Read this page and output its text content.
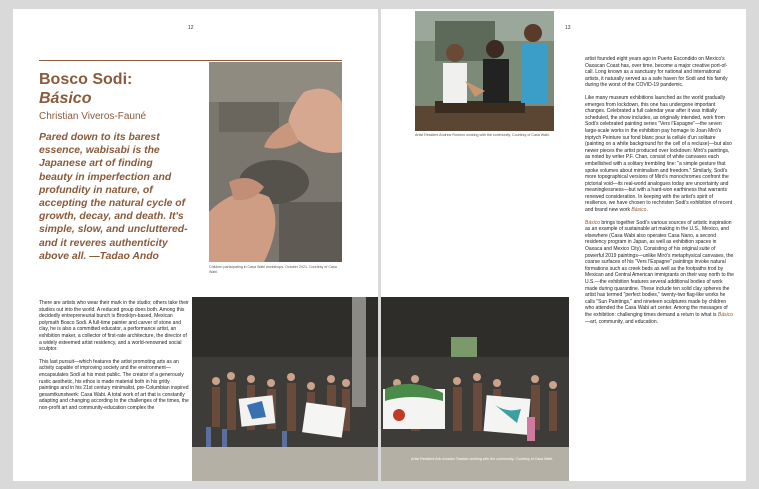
12
Bosco Sodi:
Básico
Christian Viveros-Fauné
Pared down to its barest essence, wabisabi is the Japanese art of finding beauty in imperfection and profundity in nature, of accepting the natural cycle of growth, decay, and death. It's simple, slow, and uncluttered-and it reveres authenticity above all. —Tadao Ando
Children participating in Casa Wabi workshops, October 2021. Courtesy of Casa Wabi.

There are artists who wear their mark in the studio; others take their studios out into the world. A reduced group does both. Among this decidedly entrepreneurial bunch is Brooklyn-based, Mexican polymath Bosco Sodi. A full-time painter and carver of stone and clay, he is also a committed educator, a performance artist, an exhibition maker, a collector of first-rate architecture, the director of a widely esteemed artist residency, and a world-renowned social sculptor.

This last pursuit—which features the artist promoting arts as an activity capable of improving society and the environment—encapsulates Sodi at his most public. The creator of a generously rustic aesthetic, his ethos is made material both in his gritty paintings and in his 21st century minimalist, pre-Columbian inspired gesamtkunstwerk: Casa Wabi. A total work of art that is constantly adapting and changing according to the challenges of the times, the non-profit art and community-education complex the

13
Artist Resident Andrew Romero working with the community. Courtesy of Casa Wabi.

artist founded eight years ago in Puerto Escondido on Mexico's Oaxacan Coast has, over time, become a major creative port-of-call. Long known as a sanctuary for national and international artists, it naturally served as a safe haven for Sodi and his family during the worst of the COVID-19 pandemic.

Like many museum exhibitions launched as the world gradually emerges from lockdown, this one has undergone important changes. Celebrated a full calendar year after it was initially scheduled, the show includes, as originally intended, work from Sodi's celebrated painting series "Vers l'Espagne"—the seven large-scale works in the exhibition pay homage to Joan Miró's triptych Peinture sur fond blanc pour la cellule d'un solitaire (painting on a white background for the cell of a recluse)—but also newer pieces the artist produced over lockdown: Miró's paintings, as noted by writer P.F. Chan, consist of white canvases each embellished with a solitary trembling line: "a simple gesture that spoke volumes about minimalism and freedom." Similarly, Sodi's more topographical versions of Miró's monochromes confront the pictorial void—its real-world analogues today are uncertainty and meaninglessness—but with a hard-won earthiness that warrants renewed consideration. In keeping with the artist's spirit of resilience, we have chosen to rechristen Sodi's exhibition of recent and brand new work Básico.

Básico brings together Sodi's various sources of artistic inspiration as an example of sustainable art making in the U.S., Mexico, and elsewhere (Casa Wabi also operates Casa Nano, a second residency program in Japan, as well as exhibition spaces in Oaxaca and Mexico City). Consisting of his original suite of powerful 2019 paintings—unlike Miró's metaphysical canvases, the coarse surfaces of his "Vers l'Espagne" paintings invoke natural formations such as creek beds as well as the footpaths trod by Mexican and Central American immigrants on their way north to the U.S.—the exhibition features several additional bodies of work made during quarantine. These include ten solid clay spheres the artist has termed "perfect bodies," twenty-two flag-like works he calls "Sun Paintings," and nineteen sculptures made by children who attended the Casa Wabi art center. Among the messages of the exhibition: challenging times demand a return to what is Básico—art, community, and education.

Artist Resident Arlo Amador Tostado working with the community. Courtesy of Casa Wabi.
